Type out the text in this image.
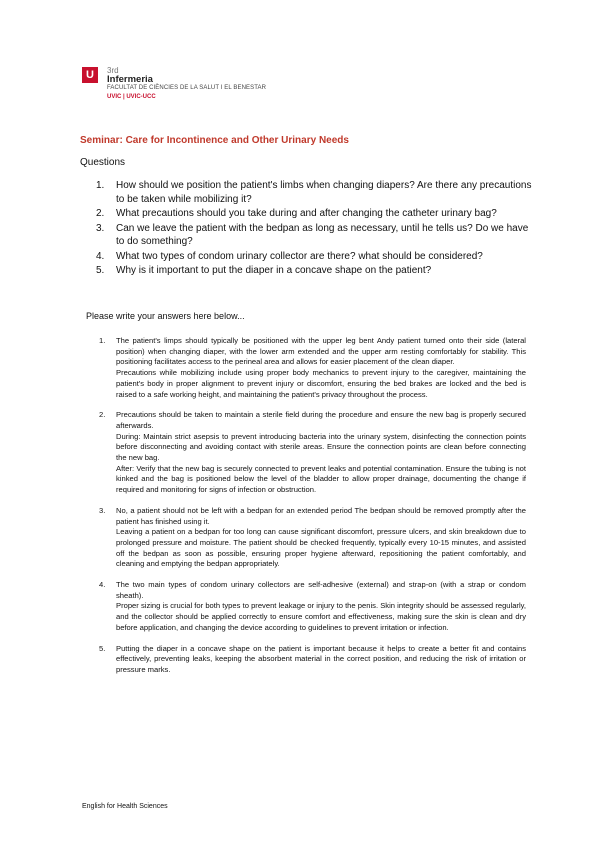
U	3rd
Infermeria
FACULTAT DE CIÈNCIES DE LA SALUT I EL BENESTAR
UVIC | UVIC-UCC
Seminar: Care for Incontinence and Other Urinary Needs
Questions
1. How should we position the patient's limbs when changing diapers? Are there any precautions to be taken while mobilizing it?
2. What precautions should you take during and after changing the catheter urinary bag?
3. Can we leave the patient with the bedpan as long as necessary, until he tells us? Do we have to do something?
4. What two types of condom urinary collector are there? what should be considered?
5. Why is it important to put the diaper in a concave shape on the patient?
Please write your answers here below...
1. The patient's limps should typically be positioned with the upper leg bent Andy patient turned onto their side (lateral position) when changing diaper, with the lower arm extended and the upper arm resting comfortably for stability. This positioning facilitates access to the perineal area and allows for easier placement of the clean diaper.

Precautions while mobilizing include using proper body mechanics to prevent injury to the caregiver, maintaining the patient's body in proper alignment to prevent injury or discomfort, ensuring the bed brakes are locked and the bed is raised to a safe working height, and maintaining the patient's privacy throughout the process.

2. Precautions should be taken to maintain a sterile field during the procedure and ensure the new bag is properly secured afterwards.

During: Maintain strict asepsis to prevent introducing bacteria into the urinary system, disinfecting the connection points before disconnecting and avoiding contact with sterile areas. Ensure the connection points are clean before connecting the new bag.

After: Verify that the new bag is securely connected to prevent leaks and potential contamination. Ensure the tubing is not kinked and the bag is positioned below the level of the bladder to allow proper drainage, documenting the change if required and monitoring for signs of infection or obstruction.

3. No, a patient should not be left with a bedpan for an extended period The bedpan should be removed promptly after the patient has finished using it.

Leaving a patient on a bedpan for too long can cause significant discomfort, pressure ulcers, and skin breakdown due to prolonged pressure and moisture. The patient should be checked frequently, typically every 10-15 minutes, and assisted off the bedpan as soon as possible, ensuring proper hygiene afterward, repositioning the patient comfortably, and cleaning and emptying the bedpan appropriately.

4. The two main types of condom urinary collectors are self-adhesive (external) and strap-on (with a strap or condom sheath).

Proper sizing is crucial for both types to prevent leakage or injury to the penis. Skin integrity should be assessed regularly, and the collector should be applied correctly to ensure comfort and effectiveness, making sure the skin is clean and dry before application, and changing the device according to guidelines to prevent irritation or infection.

5. Putting the diaper in a concave shape on the patient is important because it helps to create a better fit and contains effectively, preventing leaks, keeping the absorbent material in the correct position, and reducing the risk of irritation or pressure marks.

English for Health Sciences
